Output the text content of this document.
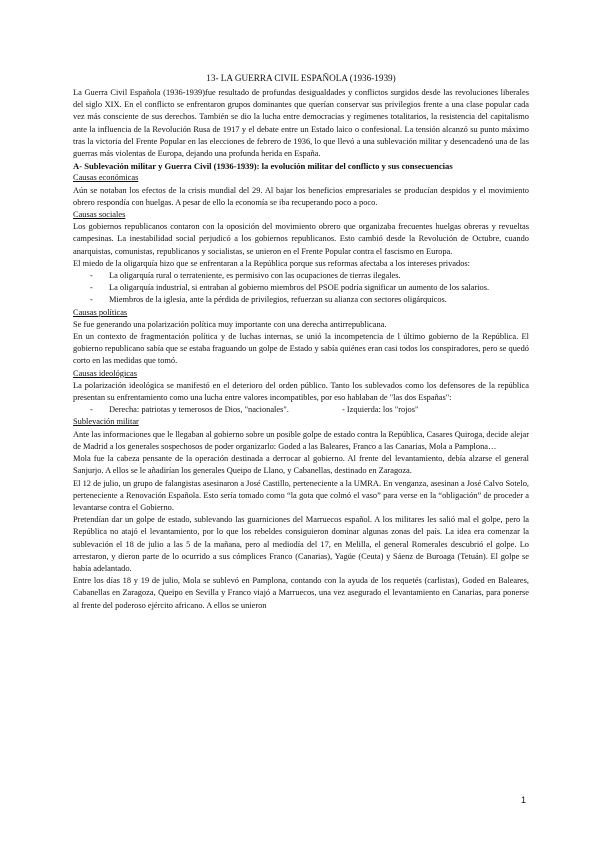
13- LA GUERRA CIVIL ESPAÑOLA (1936-1939)

La Guerra Civil Española (1936-1939)fue resultado de profundas desigualdades y conflictos surgidos desde las revoluciones liberales del siglo XIX. En el conflicto se enfrentaron grupos dominantes que querían conservar sus privilegios frente a una clase popular cada vez más consciente de sus derechos. También se dio la lucha entre democracias y regímenes totalitarios, la resistencia del capitalismo ante la influencia de la Revolución Rusa de 1917 y el debate entre un Estado laico o confesional. La tensión alcanzó su punto máximo tras la victoria del Frente Popular en las elecciones de febrero de 1936, lo que llevó a una sublevación militar y desencadenó una de las guerras más violentas de Europa, dejando una profunda herida en España.

A- Sublevación militar y Guerra Civil (1936-1939): la evolución militar del conflicto y sus consecuencias
Causas económicas

Aún se notaban los efectos de la crisis mundial del 29. Al bajar los beneficios empresariales se producían despidos y el movimiento obrero respondía con huelgas. A pesar de ello la economía se iba recuperando poco a poco.

Causas sociales

Los gobiernos republicanos contaron con la oposición del movimiento obrero que organizaba frecuentes huelgas obreras y revueltas campesinas. La inestabilidad social perjudicó a los gobiernos republicanos. Esto cambió desde la Revolución de Octubre, cuando anarquistas, comunistas, republicanos y socialistas, se unieron en el Frente Popular contra el fascismo en Europa.

El miedo de la oligarquía hizo que se enfrentaran a la República porque sus reformas afectaba a los intereses privados:

- La oligarquía rural o terrateniente, es permisivo con las ocupaciones de tierras ilegales.
- La oligarquía industrial, si entraban al gobierno miembros del PSOE podría significar un aumento de los salarios.
- Miembros de la iglesia, ante la pérdida de privilegios, refuerzan su alianza con sectores oligárquicos.
Causas políticas

Se fue generando una polarización política muy importante con una derecha antirrepublicana.

En un contexto de fragmentación política y de luchas internas, se unió la incompetencia de l último gobierno de la República. El gobierno republicano sabía que se estaba fraguando un golpe de Estado y sabía quiénes eran casi todos los conspiradores, pero se quedó corto en las medidas que tomó.

Causas ideológicas

La polarización ideológica se manifestó en el deterioro del orden público. Tanto los sublevados como los defensores de la república presentan su enfrentamiento como una lucha entre valores incompatibles, por eso hablaban de "las dos Españas":

- Derecha: patriotas y temerosos de Dios, "nacionales".	- Izquierda: los "rojos"
Sublevación militar

Ante las informaciones que le llegaban al gobierno sobre un posible golpe de estado contra la República, Casares Quiroga, decide alejar de Madrid a los generales sospechosos de poder organizarlo: Goded a las Baleares, Franco a las Canarias, Mola a Pamplona…

Mola fue la cabeza pensante de la operación destinada a derrocar al gobierno. Al frente del levantamiento, debía alzarse el general Sanjurjo. A ellos se le añadirían los generales Queipo de Llano, y Cabanellas, destinado en Zaragoza.

El 12 de julio, un grupo de falangistas asesinaron a José Castillo, perteneciente a la UMRA. En venganza, asesinan a José Calvo Sotelo, perteneciente a Renovación Española. Esto sería tomado como “la gota que colmó el vaso” para verse en la “obligación” de proceder a levantarse contra el Gobierno.

Pretendían dar un golpe de estado, sublevando las guarniciones del Marruecos español. A los militares les salió mal el golpe, pero la República no atajó el levantamiento, por lo que los rebeldes consiguieron dominar algunas zonas del país. La idea era comenzar la sublevación el 18 de julio a las 5 de la mañana, pero al mediodía del 17, en Melilla, el general Romerales descubrió el golpe. Lo arrestaron, y dieron parte de lo ocurrido a sus cómplices Franco (Canarias), Yagüe (Ceuta) y Sáenz de Buroaga (Tetuán). El golpe se había adelantado.

Entre los días 18 y 19 de julio, Mola se sublevó en Pamplona, contando con la ayuda de los requetés (carlistas), Goded en Baleares, Cabanellas en Zaragoza, Queipo en Sevilla y Franco viajó a Marruecos, una vez asegurado el levantamiento en Canarias, para ponerse al frente del poderoso ejército africano. A ellos se unieron

1
